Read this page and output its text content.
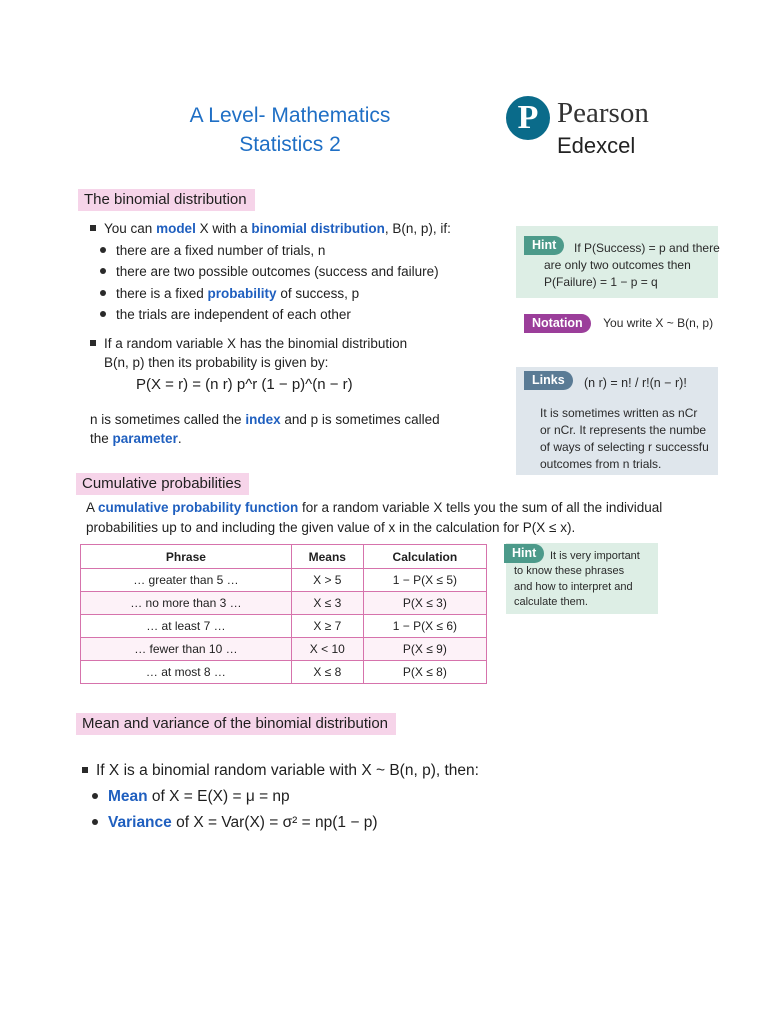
A Level- Mathematics
Statistics 2
P Pearson
Edexcel
The binomial distribution
You can model X with a binomial distribution, B(n, p), if:
there are a fixed number of trials, n
there are two possible outcomes (success and failure)
there is a fixed probability of success, p
the trials are independent of each other
If a random variable X has the binomial distribution
B(n, p) then its probability is given by:
P(X = r) = (n r) p^r (1 − p)^(n − r)
n is sometimes called the index and p is sometimes called
the parameter.
Hint	If P(Success) = p and there
are only two outcomes then
P(Failure) = 1 − p = q
Notation You write X ~ B(n, p)
Links	(n r) = n! / r!(n − r)!
It is sometimes written as nCr
or nCr. It represents the numbe
of ways of selecting r successfu
outcomes from n trials.
Cumulative probabilities
A cumulative probability function for a random variable X tells you the sum of all the individual
probabilities up to and including the given value of x in the calculation for P(X ≤ x).
Phrase	Means	Calculation
… greater than 5 …	X > 5	1 − P(X ≤ 5)
… no more than 3 …	X ≤ 3	P(X ≤ 3)
… at least 7 …	X ≥ 7	1 − P(X ≤ 6)
… fewer than 10 …	X < 10	P(X ≤ 9)
… at most 8 …	X ≤ 8	P(X ≤ 8)
Hint	It is very important
to know these phrases
and how to interpret and
calculate them.
Mean and variance of the binomial distribution
If X is a binomial random variable with X ~ B(n, p), then:
Mean of X = E(X) = μ = np
Variance of X = Var(X) = σ² = np(1 − p)
